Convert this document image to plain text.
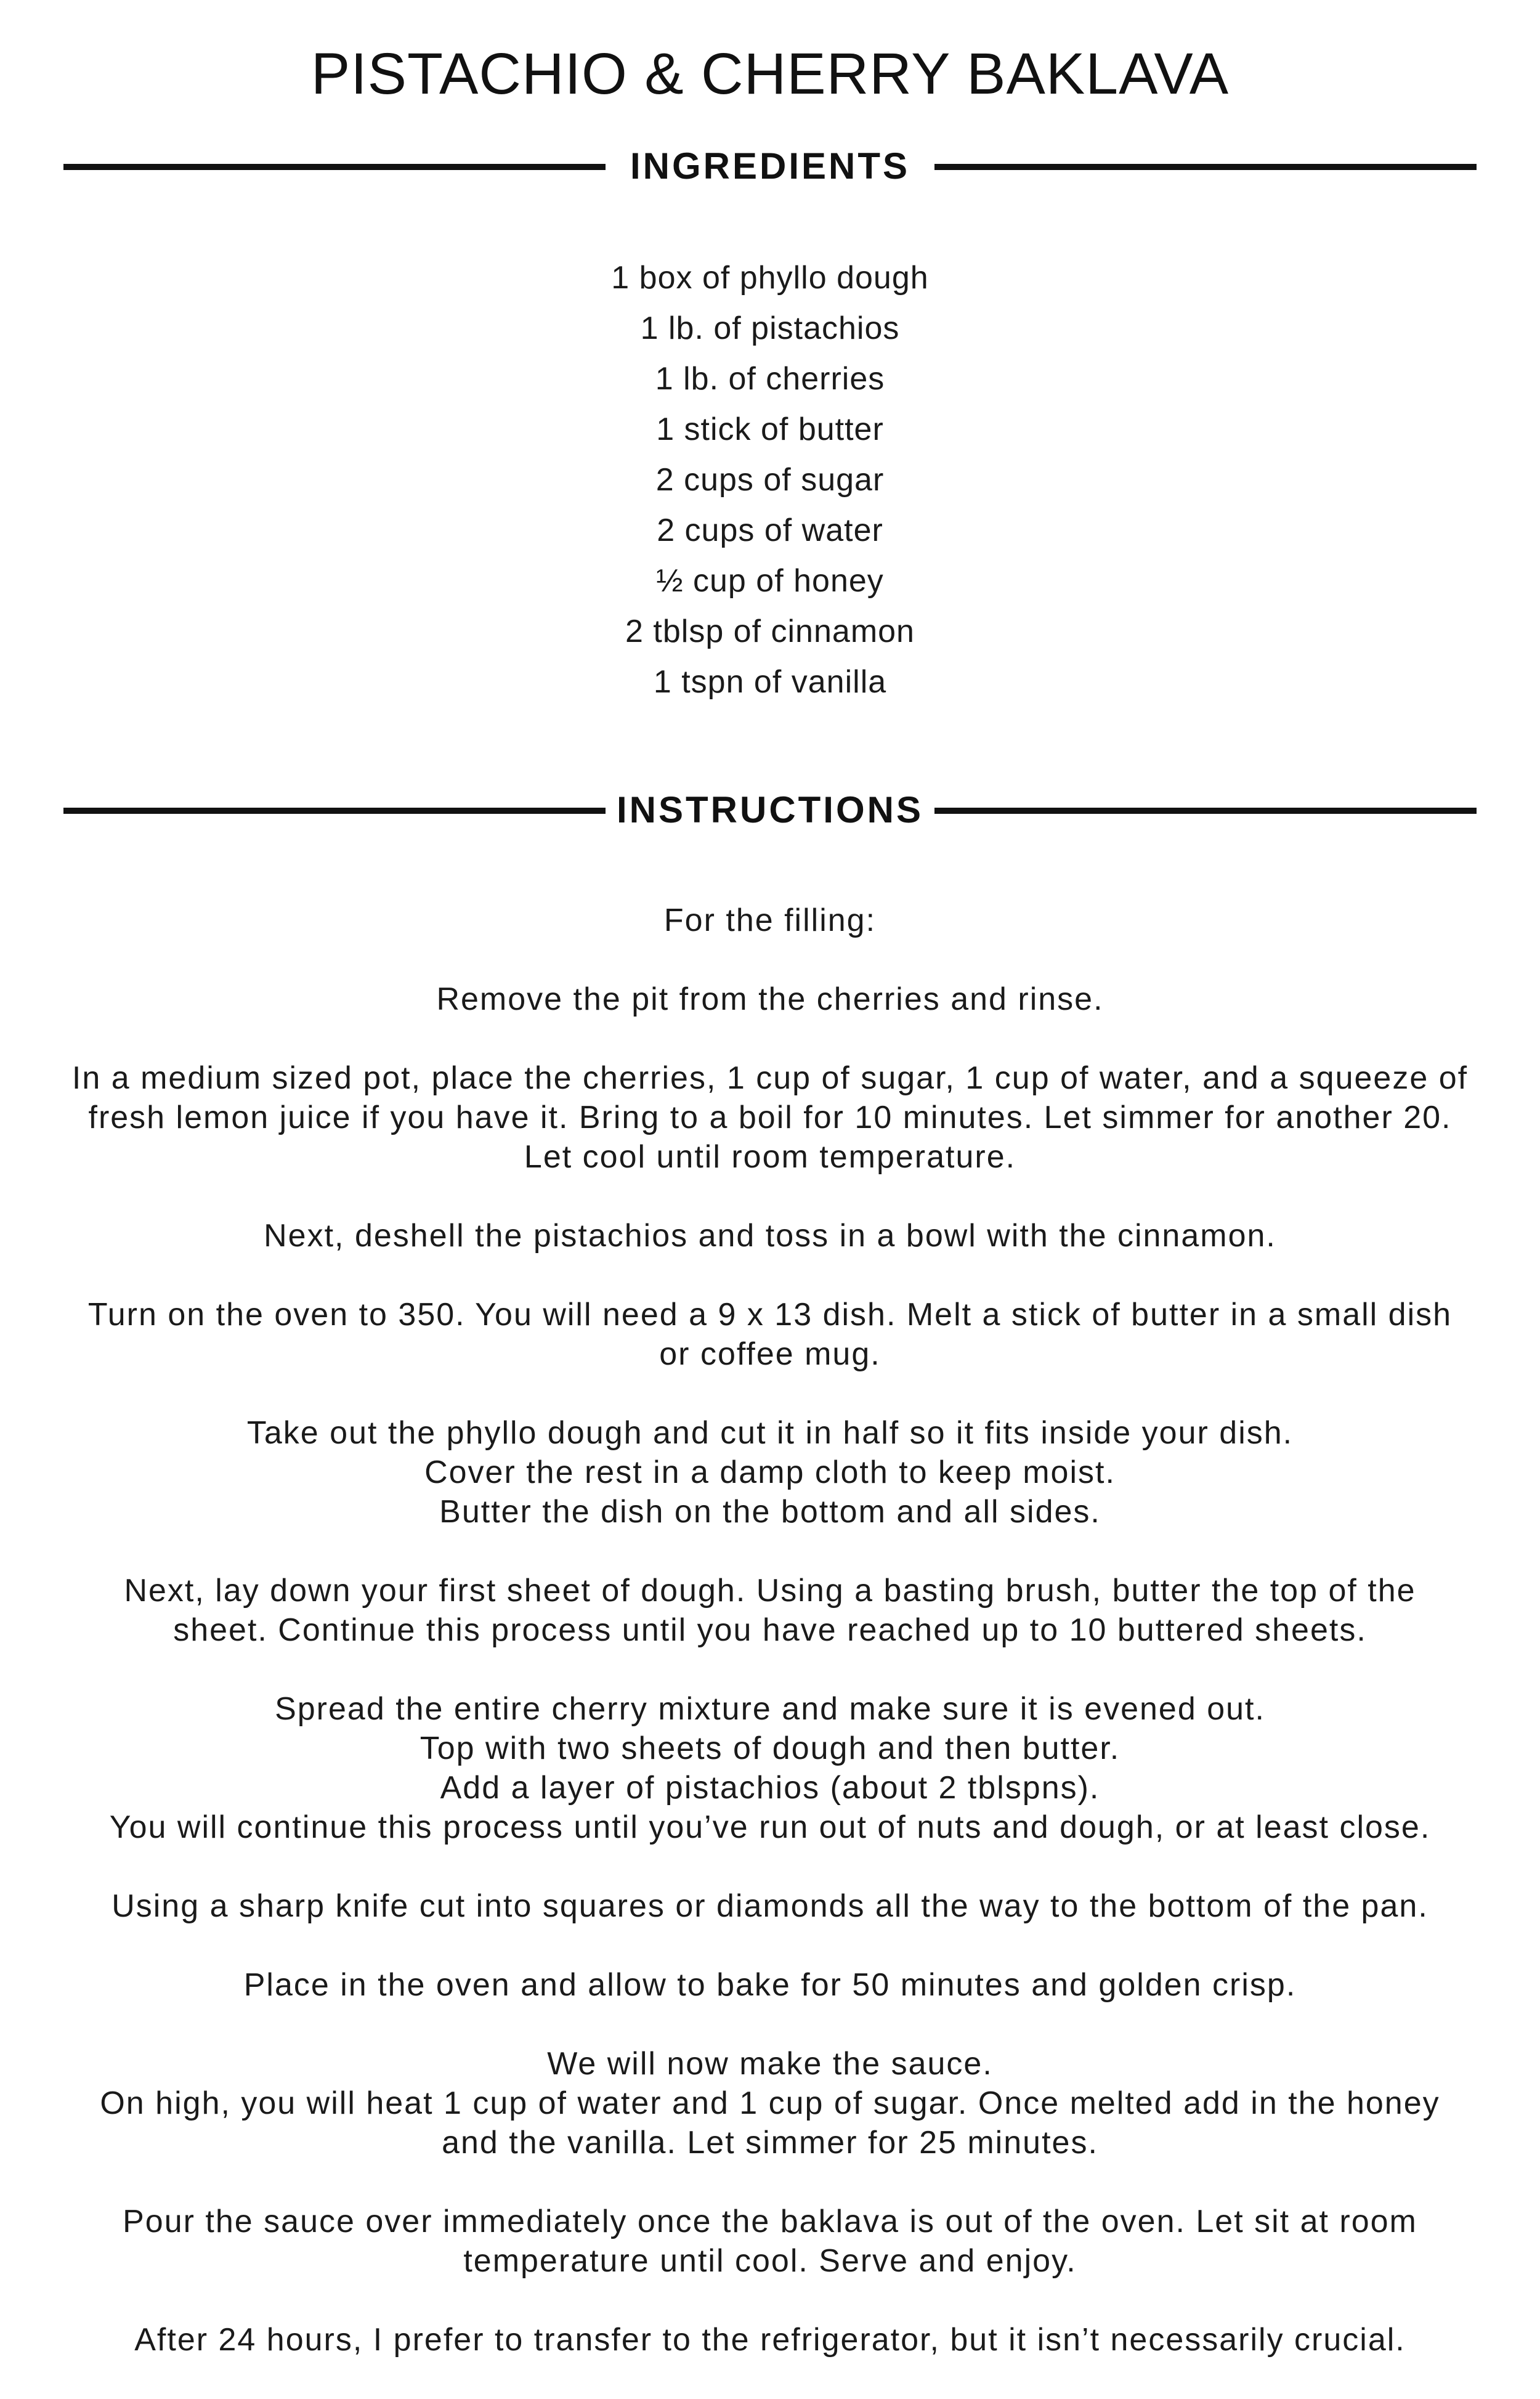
PISTACHIO & CHERRY BAKLAVA
INGREDIENTS
1 box of phyllo dough
1 lb. of pistachios
1 lb. of cherries
1 stick of butter
2 cups of sugar
2 cups of water
½ cup of honey
2 tblsp of cinnamon
1 tspn of vanilla
INSTRUCTIONS

For the filling:

Remove the pit from the cherries and rinse.

In a medium sized pot, place the cherries, 1 cup of sugar, 1 cup of water, and a squeeze of
fresh lemon juice if you have it. Bring to a boil for 10 minutes. Let simmer for another 20.
Let cool until room temperature.

Next, deshell the pistachios and toss in a bowl with the cinnamon.

Turn on the oven to 350. You will need a 9 x 13 dish. Melt a stick of butter in a small dish
or coffee mug.

Take out the phyllo dough and cut it in half so it fits inside your dish.
Cover the rest in a damp cloth to keep moist.
Butter the dish on the bottom and all sides.

Next, lay down your first sheet of dough. Using a basting brush, butter the top of the
sheet. Continue this process until you have reached up to 10 buttered sheets.

Spread the entire cherry mixture and make sure it is evened out.
Top with two sheets of dough and then butter.
Add a layer of pistachios (about 2 tblspns).
You will continue this process until you’ve run out of nuts and dough, or at least close.

Using a sharp knife cut into squares or diamonds all the way to the bottom of the pan.

Place in the oven and allow to bake for 50 minutes and golden crisp.

We will now make the sauce.
On high, you will heat 1 cup of water and 1 cup of sugar. Once melted add in the honey
and the vanilla. Let simmer for 25 minutes.

Pour the sauce over immediately once the baklava is out of the oven. Let sit at room
temperature until cool. Serve and enjoy.

After 24 hours, I prefer to transfer to the refrigerator, but it isn’t necessarily crucial.
